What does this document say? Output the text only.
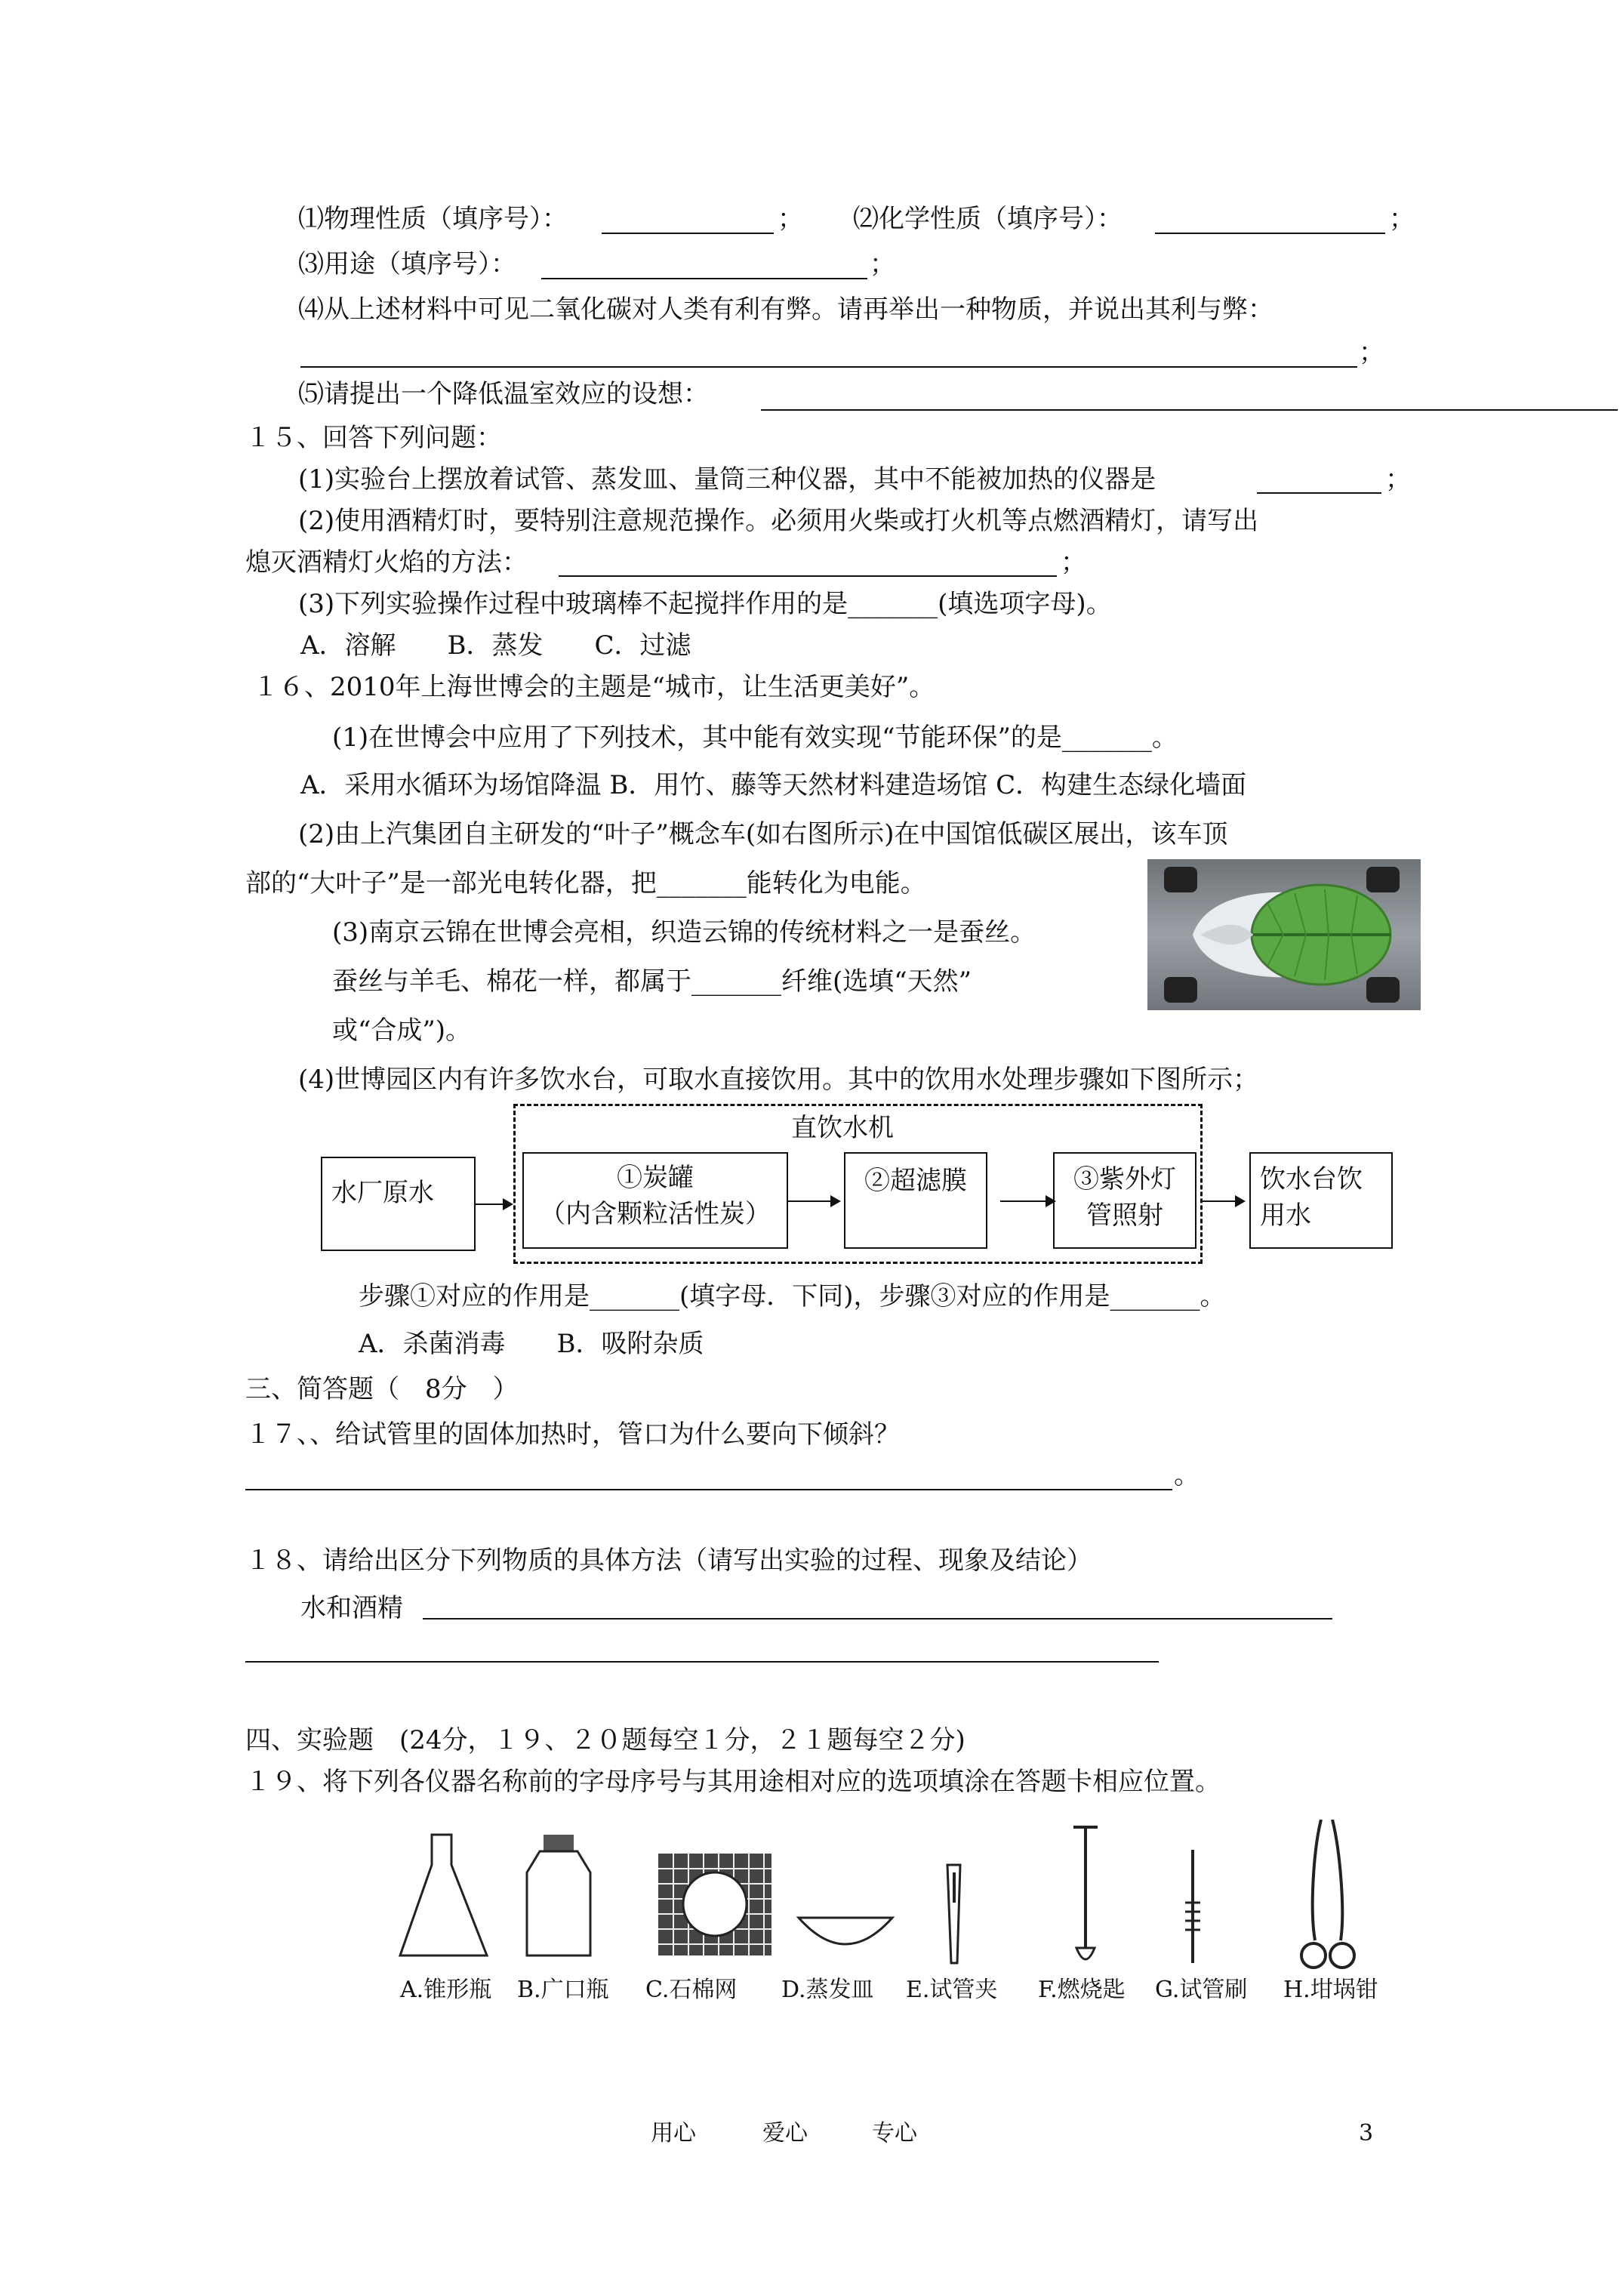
⑴物理性质（填序号）：	； ⑵化学性质（填序号）：	；
⑶用途（填序号）：	；
⑷从上述材料中可见二氧化碳对人类有利有弊。请再举出一种物质，并说出其利与弊：
；
⑸请提出一个降低温室效应的设想：
１５、回答下列问题：
(1)实验台上摆放着试管、蒸发皿、量筒三种仪器，其中不能被加热的仪器是	；
(2)使用酒精灯时，要特别注意规范操作。必须用火柴或打火机等点燃酒精灯，请写出
熄灭酒精灯火焰的方法：	；
(3)下列实验操作过程中玻璃棒不起搅拌作用的是_______(填选项字母)。
A．溶解　　B．蒸发　　C．过滤
１６、2010年上海世博会的主题是“城市，让生活更美好”。
(1)在世博会中应用了下列技术，其中能有效实现“节能环保”的是_______。
A．采用水循环为场馆降温 B．用竹、藤等天然材料建造场馆 C．构建生态绿化墙面
(2)由上汽集团自主研发的“叶子”概念车(如右图所示)在中国馆低碳区展出，该车顶
部的“大叶子”是一部光电转化器，把_______能转化为电能。
(3)南京云锦在世博会亮相，织造云锦的传统材料之一是蚕丝。
蚕丝与羊毛、棉花一样，都属于_______纤维(选填“天然”
或“合成”)。
(4)世博园区内有许多饮水台，可取水直接饮用。其中的饮用水处理步骤如下图所示；
直饮水机
水厂原水	①炭罐
（内含颗粒活性炭）
②超滤膜	③紫外灯
管照射
饮水台饮
用水
步骤①对应的作用是_______(填字母．下同)，步骤③对应的作用是_______。
A．杀菌消毒　　B．吸附杂质
三、简答题（　8分　）
１７、、给试管里的固体加热时，管口为什么要向下倾斜？
。
１８、请给出区分下列物质的具体方法（请写出实验的过程、现象及结论）
水和酒精
四、实验题　(24分，１９、２０题每空１分，２１题每空２分)
１９、将下列各仪器名称前的字母序号与其用途相对应的选项填涂在答题卡相应位置。
A.锥形瓶 B.广口瓶 C.石棉网 D.蒸发皿 E.试管夹 F.燃烧匙 G.试管刷 H.坩埚钳
用心	爱心	专心	3
